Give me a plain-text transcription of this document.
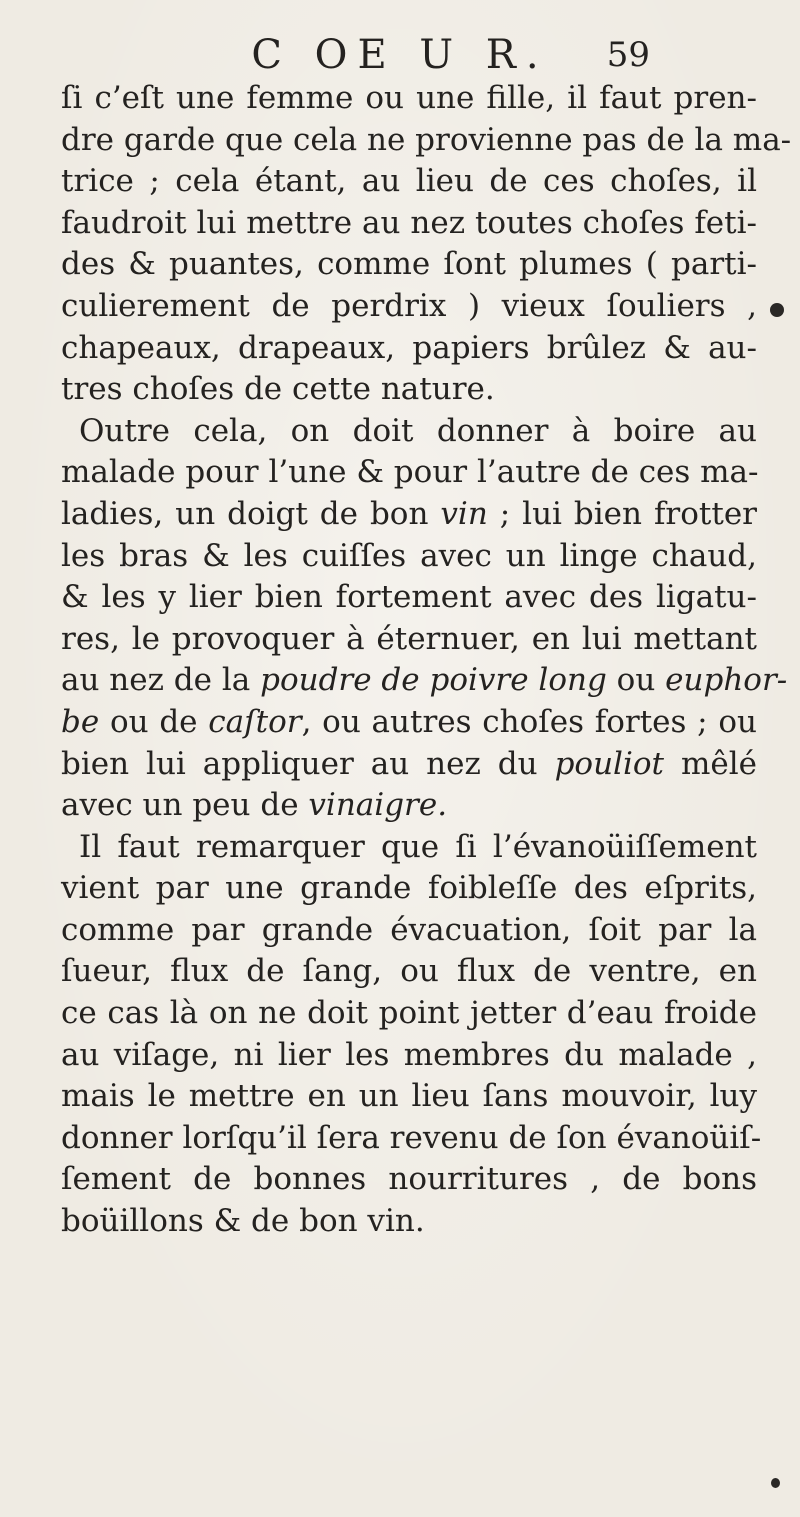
C OE U R.	59
ſi c’eſt une femme ou une fille, il faut pren-
dre garde que cela ne provienne pas de la ma-
trice ; cela étant, au lieu de ces choſes, il
faudroit lui mettre au nez toutes choſes feti-
des & puantes, comme ſont plumes ( parti-
culierement de perdrix ) vieux ſouliers ,
chapeaux, drapeaux, papiers brûlez & au-
tres choſes de cette nature.
Outre cela, on doit donner à boire au
malade pour l’une & pour l’autre de ces ma-
ladies, un doigt de bon vin ; lui bien frotter
les bras & les cuiſſes avec un linge chaud,
& les y lier bien fortement avec des ligatu-
res, le provoquer à éternuer, en lui mettant
au nez de la poudre de poivre long ou euphor-
be ou de caſtor, ou autres choſes fortes ; ou
bien lui appliquer au nez du pouliot mêlé
avec un peu de vinaigre.
Il faut remarquer que ſi l’évanoüiſſement
vient par une grande foibleſſe des eſprits,
comme par grande évacuation, ſoit par la
ſueur, flux de ſang, ou flux de ventre, en
ce cas là on ne doit point jetter d’eau froide
au viſage, ni lier les membres du malade ,
mais le mettre en un lieu ſans mouvoir, luy
donner lorſqu’il ſera revenu de ſon évanoüiſ-
ſement de bonnes nourritures , de bons
boüillons & de bon vin.
